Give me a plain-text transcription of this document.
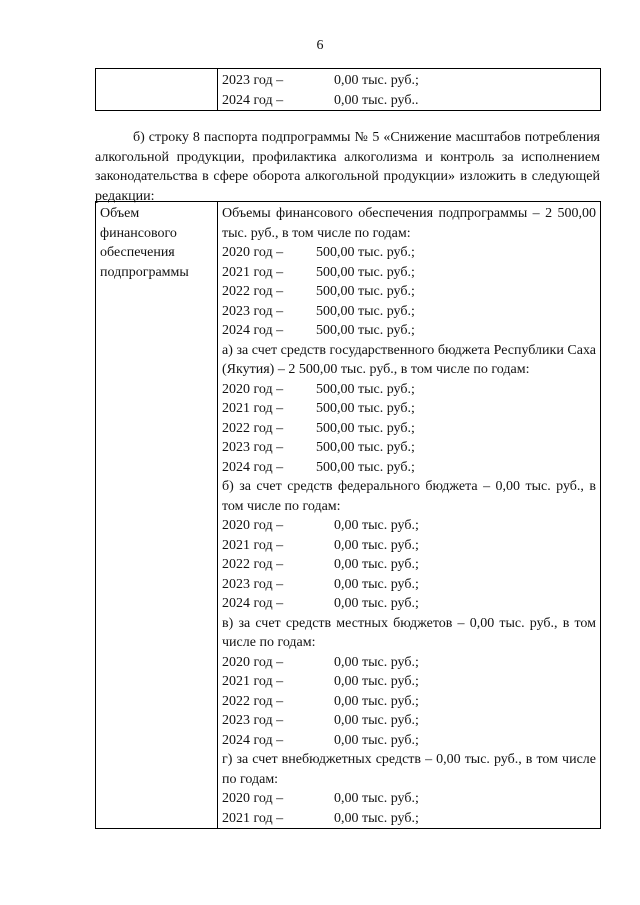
6

2023 год –	0,00 тыс. руб.;
2024 год –	0,00 тыс. руб..
б) строку 8 паспорта подпрограммы № 5 «Снижение масштабов потребления алкогольной продукции, профилактика алкоголизма и контроль за исполнением законодательства в сфере оборота алкогольной продукции» изложить в следующей редакции:
Объем финансового обеспечения подпрограммы	
Объемы финансового обеспечения подпрограммы – 2 500,00 тыс. руб., в том числе по годам:
2020 год – 500,00 тыс. руб.;
2021 год – 500,00 тыс. руб.;
2022 год – 500,00 тыс. руб.;
2023 год – 500,00 тыс. руб.;
2024 год – 500,00 тыс. руб.;
а) за счет средств государственного бюджета Республики Саха (Якутия) – 2 500,00 тыс. руб., в том числе по годам:
2020 год – 500,00 тыс. руб.;
2021 год – 500,00 тыс. руб.;
2022 год – 500,00 тыс. руб.;
2023 год – 500,00 тыс. руб.;
2024 год – 500,00 тыс. руб.;
б) за счет средств федерального бюджета – 0,00 тыс. руб., в том числе по годам:
2020 год –	0,00 тыс. руб.;
2021 год –	0,00 тыс. руб.;
2022 год –	0,00 тыс. руб.;
2023 год –	0,00 тыс. руб.;
2024 год –	0,00 тыс. руб.;
в) за счет средств местных бюджетов – 0,00 тыс. руб., в том числе по годам:
2020 год –	0,00 тыс. руб.;
2021 год –	0,00 тыс. руб.;
2022 год –	0,00 тыс. руб.;
2023 год –	0,00 тыс. руб.;
2024 год –	0,00 тыс. руб.;
г) за счет внебюджетных средств – 0,00 тыс. руб., в том числе по годам:
2020 год –	0,00 тыс. руб.;
2021 год –	0,00 тыс. руб.;
